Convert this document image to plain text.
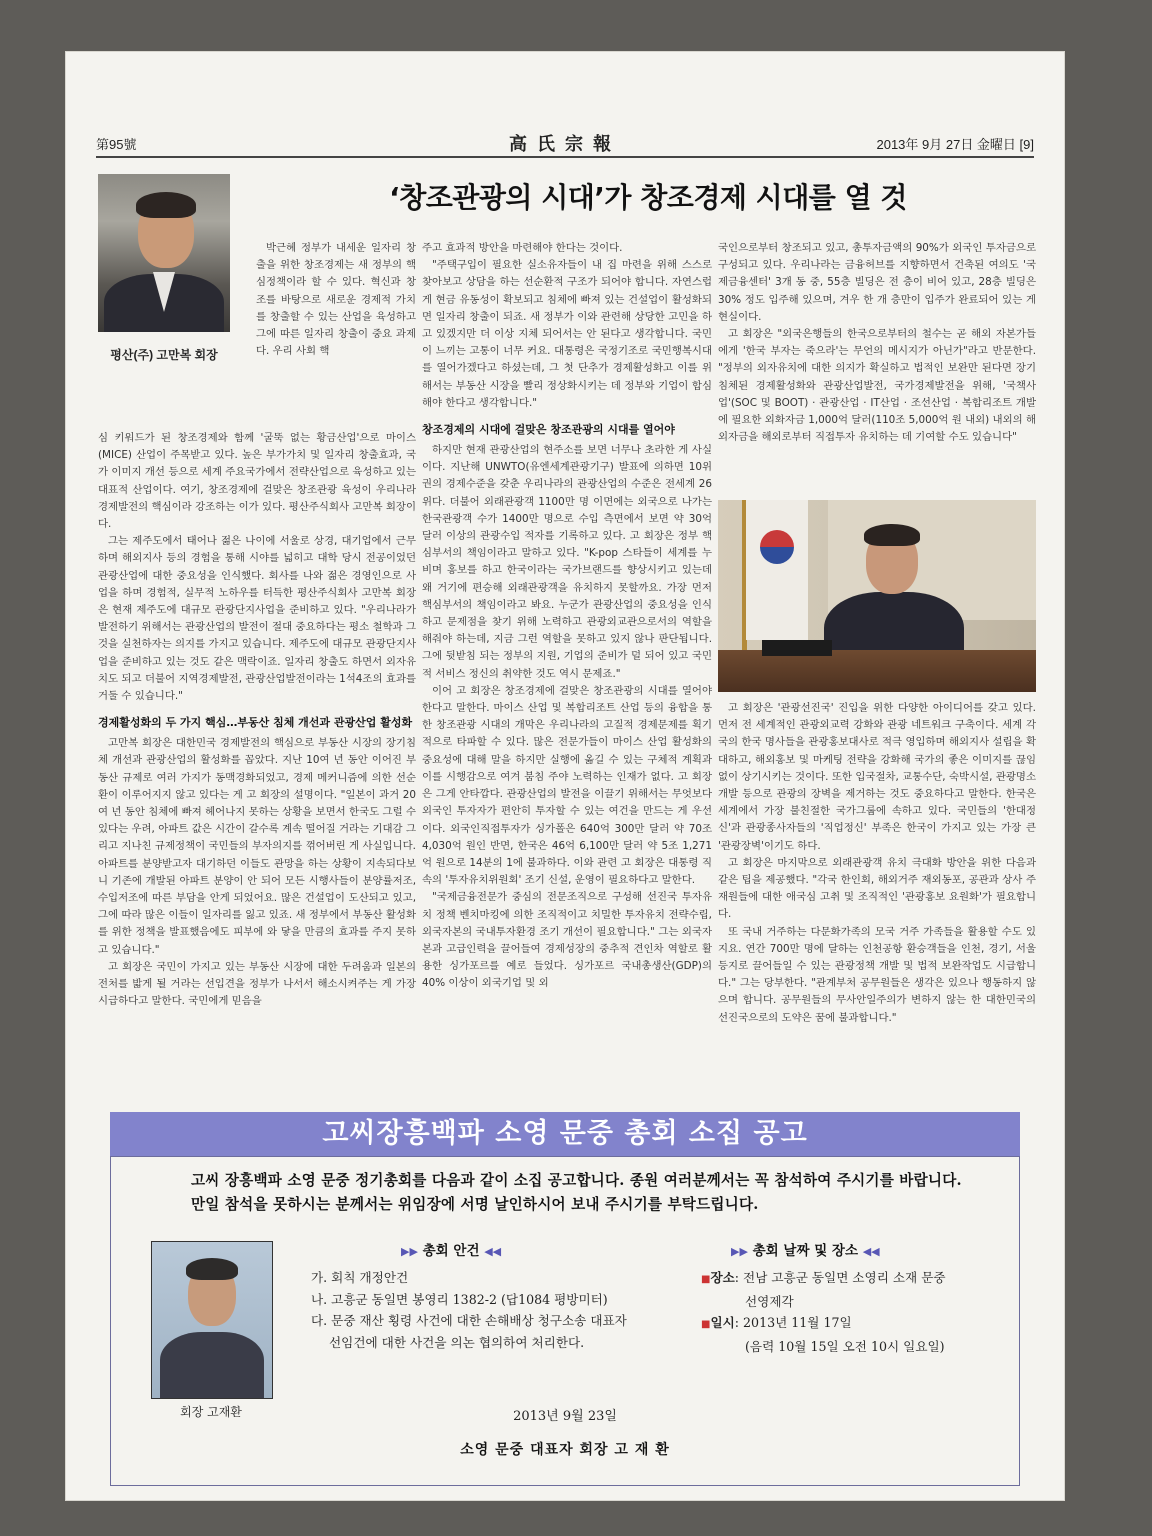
第95號	高氏宗報	2013年 9月 27日 金曜日 [9]
평산(주) 고만복 회장
‘창조관광의 시대’가 창조경제 시대를 열 것

박근혜 정부가 내세운 일자리 창출을 위한 창조경제는 새 정부의 핵심정책이라 할 수 있다. 혁신과 창조를 바탕으로 새로운 경제적 가치를 창출할 수 있는 산업을 육성하고 그에 따른 일자리 창출이 중요 과제다. 우리 사회 핵

심 키워드가 된 창조경제와 함께 '굴뚝 없는 황금산업'으로 마이스(MICE) 산업이 주목받고 있다. 높은 부가가치 및 일자리 창출효과, 국가 이미지 개선 등으로 세계 주요국가에서 전략산업으로 육성하고 있는 대표적 산업이다. 여기, 창조경제에 걸맞은 창조관광 육성이 우리나라 경제발전의 핵심이라 강조하는 이가 있다. 평산주식회사 고만복 회장이다.

그는 제주도에서 태어나 젊은 나이에 서울로 상경, 대기업에서 근무하며 해외지사 등의 경험을 통해 시야를 넓히고 대학 당시 전공이었던 관광산업에 대한 중요성을 인식했다. 회사를 나와 젊은 경영인으로 사업을 하며 경험적, 실무적 노하우를 터득한 평산주식회사 고만복 회장은 현재 제주도에 대규모 관광단지사업을 준비하고 있다. "우리나라가 발전하기 위해서는 관광산업의 발전이 절대 중요하다는 평소 철학과 그것을 실천하자는 의지를 가지고 있습니다. 제주도에 대규모 관광단지사업을 준비하고 있는 것도 같은 맥락이죠. 일자리 창출도 하면서 외자유치도 되고 더불어 지역경제발전, 관광산업발전이라는 1석4조의 효과를 거둘 수 있습니다."

경제활성화의 두 가지 핵심…부동산 침체 개선과 관광산업 활성화

고만복 회장은 대한민국 경제발전의 핵심으로 부동산 시장의 장기침체 개선과 관광산업의 활성화를 꼽았다. 지난 10여 년 동안 이어진 부동산 규제로 여러 가지가 동맥경화되었고, 경제 메커니즘에 의한 선순환이 이루어지지 않고 있다는 게 고 회장의 설명이다. "일본이 과거 20여 년 동안 침체에 빠져 헤어나지 못하는 상황을 보면서 한국도 그럴 수 있다는 우려, 아파트 값은 시간이 갈수록 계속 떨어질 거라는 기대감 그리고 지나친 규제정책이 국민들의 부자의지를 꺾어버린 게 사실입니다. 아파트를 분양받고자 대기하던 이들도 관망을 하는 상황이 지속되다보니 기존에 개발된 아파트 분양이 안 되어 모든 시행사들이 분양률저조, 수입저조에 따른 부담을 안게 되었어요. 많은 건설업이 도산되고 있고, 그에 따라 많은 이들이 일자리를 잃고 있죠. 새 정부에서 부동산 활성화를 위한 정책을 발표했음에도 피부에 와 닿을 만큼의 효과를 주지 못하고 있습니다."

고 회장은 국민이 가지고 있는 부동산 시장에 대한 두려움과 일본의 전처를 밟게 될 거라는 선입견을 정부가 나서서 해소시켜주는 게 가장 시급하다고 말한다. 국민에게 믿음을

주고 효과적 방안을 마련해야 한다는 것이다.

"주택구입이 필요한 실소유자들이 내 집 마련을 위해 스스로 찾아보고 상담을 하는 선순환적 구조가 되어야 합니다. 자연스럽게 현금 유동성이 확보되고 침체에 빠져 있는 건설업이 활성화되면 일자리 창출이 되죠. 새 정부가 이와 관련해 상당한 고민을 하고 있겠지만 더 이상 지체 되어서는 안 된다고 생각합니다. 국민이 느끼는 고통이 너무 커요. 대통령은 국정기조로 국민행복시대를 열어가겠다고 하셨는데, 그 첫 단추가 경제활성화고 이를 위해서는 부동산 시장을 빨리 정상화시키는 데 정부와 기업이 합심해야 한다고 생각합니다."

창조경제의 시대에 걸맞은 창조관광의 시대를 열어야

하지만 현재 관광산업의 현주소를 보면 너무나 초라한 게 사실이다. 지난해 UNWTO(유엔세계관광기구) 발표에 의하면 10위권의 경제수준을 갖춘 우리나라의 관광산업의 수준은 전세계 26위다. 더불어 외래관광객 1100만 명 이면에는 외국으로 나가는 한국관광객 수가 1400만 명으로 수입 측면에서 보면 약 30억 달러 이상의 관광수입 적자를 기록하고 있다. 고 회장은 정부 핵심부서의 책임이라고 말하고 있다. "K-pop 스타들이 세계를 누비며 홍보를 하고 한국이라는 국가브랜드를 향상시키고 있는데 왜 거기에 편승해 외래관광객을 유치하지 못할까요. 가장 먼저 핵심부서의 책임이라고 봐요. 누군가 관광산업의 중요성을 인식하고 문제점을 찾기 위해 노력하고 관광외교관으로서의 역할을 해줘야 하는데, 지금 그런 역할을 못하고 있지 않나 판단됩니다. 그에 뒷받침 되는 정부의 지원, 기업의 준비가 덜 되어 있고 국민적 서비스 정신의 취약한 것도 역시 문제죠."

이어 고 회장은 창조경제에 걸맞은 창조관광의 시대를 열어야 한다고 말한다. 마이스 산업 및 복합리조트 산업 등의 융합을 통한 창조관광 시대의 개막은 우리나라의 고질적 경제문제를 획기적으로 타파할 수 있다. 많은 전문가들이 마이스 산업 활성화의 중요성에 대해 말을 하지만 실행에 옮길 수 있는 구체적 계획과 이를 시행감으로 여겨 붐침 주야 노력하는 인재가 없다. 고 회장은 그게 안타깝다. 관광산업의 발전을 이끌기 위해서는 무엇보다 외국인 투자자가 편안히 투자할 수 있는 여건을 만드는 게 우선이다. 외국인직접투자가 싱가폴은 640억 300만 달러 약 70조 4,030억 원인 반면, 한국은 46억 6,100만 달러 약 5조 1,271억 원으로 14분의 1에 불과하다. 이와 관련 고 회장은 대통령 직속의 '투자유치위원회' 조기 신설, 운영이 필요하다고 말한다.

"국제금융전문가 중심의 전문조직으로 구성해 선진국 투자유치 정책 벤치마킹에 의한 조직적이고 치밀한 투자유치 전략수립, 외국자본의 국내투자환경 조기 개선이 필요합니다." 그는 외국자본과 고급인력을 끌어들여 경제성장의 중추적 견인차 역할로 활용한 싱가포르를 예로 들었다. 싱가포르 국내총생산(GDP)의 40% 이상이 외국기업 및 외

국인으로부터 창조되고 있고, 총투자금액의 90%가 외국인 투자금으로 구성되고 있다. 우리나라는 금융허브를 지향하면서 건축된 여의도 '국제금융센터' 3개 동 중, 55층 빌딩은 전 층이 비어 있고, 28층 빌딩은 30% 정도 입주해 있으며, 겨우 한 개 층만이 입주가 완료되어 있는 게 현실이다.

고 회장은 "외국은행들의 한국으로부터의 철수는 곧 해외 자본가들에게 '한국 부자는 죽으라'는 무언의 메시지가 아닌가"라고 반문한다. "정부의 외자유치에 대한 의지가 확실하고 법적인 보완만 된다면 장기 침체된 경제활성화와 관광산업발전, 국가경제발전을 위해, '국책사업'(SOC 및 BOOT) · 관광산업 · IT산업 · 조선산업 · 복합리조트 개발에 필요한 외화자금 1,000억 달러(110조 5,000억 원 내외) 내외의 해외자금을 해외로부터 직접투자 유치하는 데 기여할 수도 있습니다"

고 회장은 '관광선진국' 진입을 위한 다양한 아이디어를 갖고 있다. 먼저 전 세계적인 관광외교력 강화와 관광 네트워크 구축이다. 세계 각국의 한국 명사들을 관광홍보대사로 적극 영입하며 해외지사 설립을 확대하고, 해외홍보 및 마케팅 전략을 강화해 국가의 좋은 이미지를 끊임없이 상기시키는 것이다. 또한 입국절차, 교통수단, 숙박시설, 관광명소 개발 등으로 관광의 장벽을 제거하는 것도 중요하다고 말한다. 한국은 세계에서 가장 불친절한 국가그룹에 속하고 있다. 국민들의 '한대정신'과 관광종사자들의 '직업정신' 부족은 한국이 가지고 있는 가장 큰 '관광장벽'이기도 하다.

고 회장은 마지막으로 외래관광객 유치 극대화 방안을 위한 다음과 같은 팁을 제공했다. "각국 한인회, 해외거주 재외동포, 공관과 상사 주재원들에 대한 애국심 고취 및 조직적인 '관광홍보 요원화'가 필요합니다.

또 국내 거주하는 다문화가족의 모국 거주 가족들을 활용할 수도 있지요. 연간 700만 명에 달하는 인천공항 환승객들을 인천, 경기, 서울 등지로 끌어들일 수 있는 관광정책 개발 및 법적 보완작업도 시급합니다." 그는 당부한다. "관계부처 공무원들은 생각은 있으나 행동하지 않으며 합니다. 공무원들의 무사안일주의가 변하지 않는 한 대한민국의 선진국으로의 도약은 꿈에 불과합니다."

고씨장흥백파 소영 문중 총회 소집 공고
고씨 장흥백파 소영 문중 정기총회를 다음과 같이 소집 공고합니다. 종원 여러분께서는 꼭 참석하여 주시기를 바랍니다. 만일 참석을 못하시는 분께서는 위임장에 서명 날인하시어 보내 주시기를 부탁드립니다.
회장 고재환
▶▶ 총회 안건 ◀◀
가. 회칙 개정안건
나. 고흥군 동일면 봉영리 1382-2 (답1084 평방미터)
다. 문중 재산 횡령 사건에 대한 손해배상 청구소송 대표자
선임건에 대한 사건을 의논 협의하여 처리한다.
▶▶ 총회 날짜 및 장소 ◀◀
■장소: 전남 고흥군 동일면 소영리 소재 문중
선영제각
■일시: 2013년 11월 17일
(음력 10월 15일 오전 10시 일요일)
2013년 9월 23일
소영 문중 대표자 회장 고 재 환
